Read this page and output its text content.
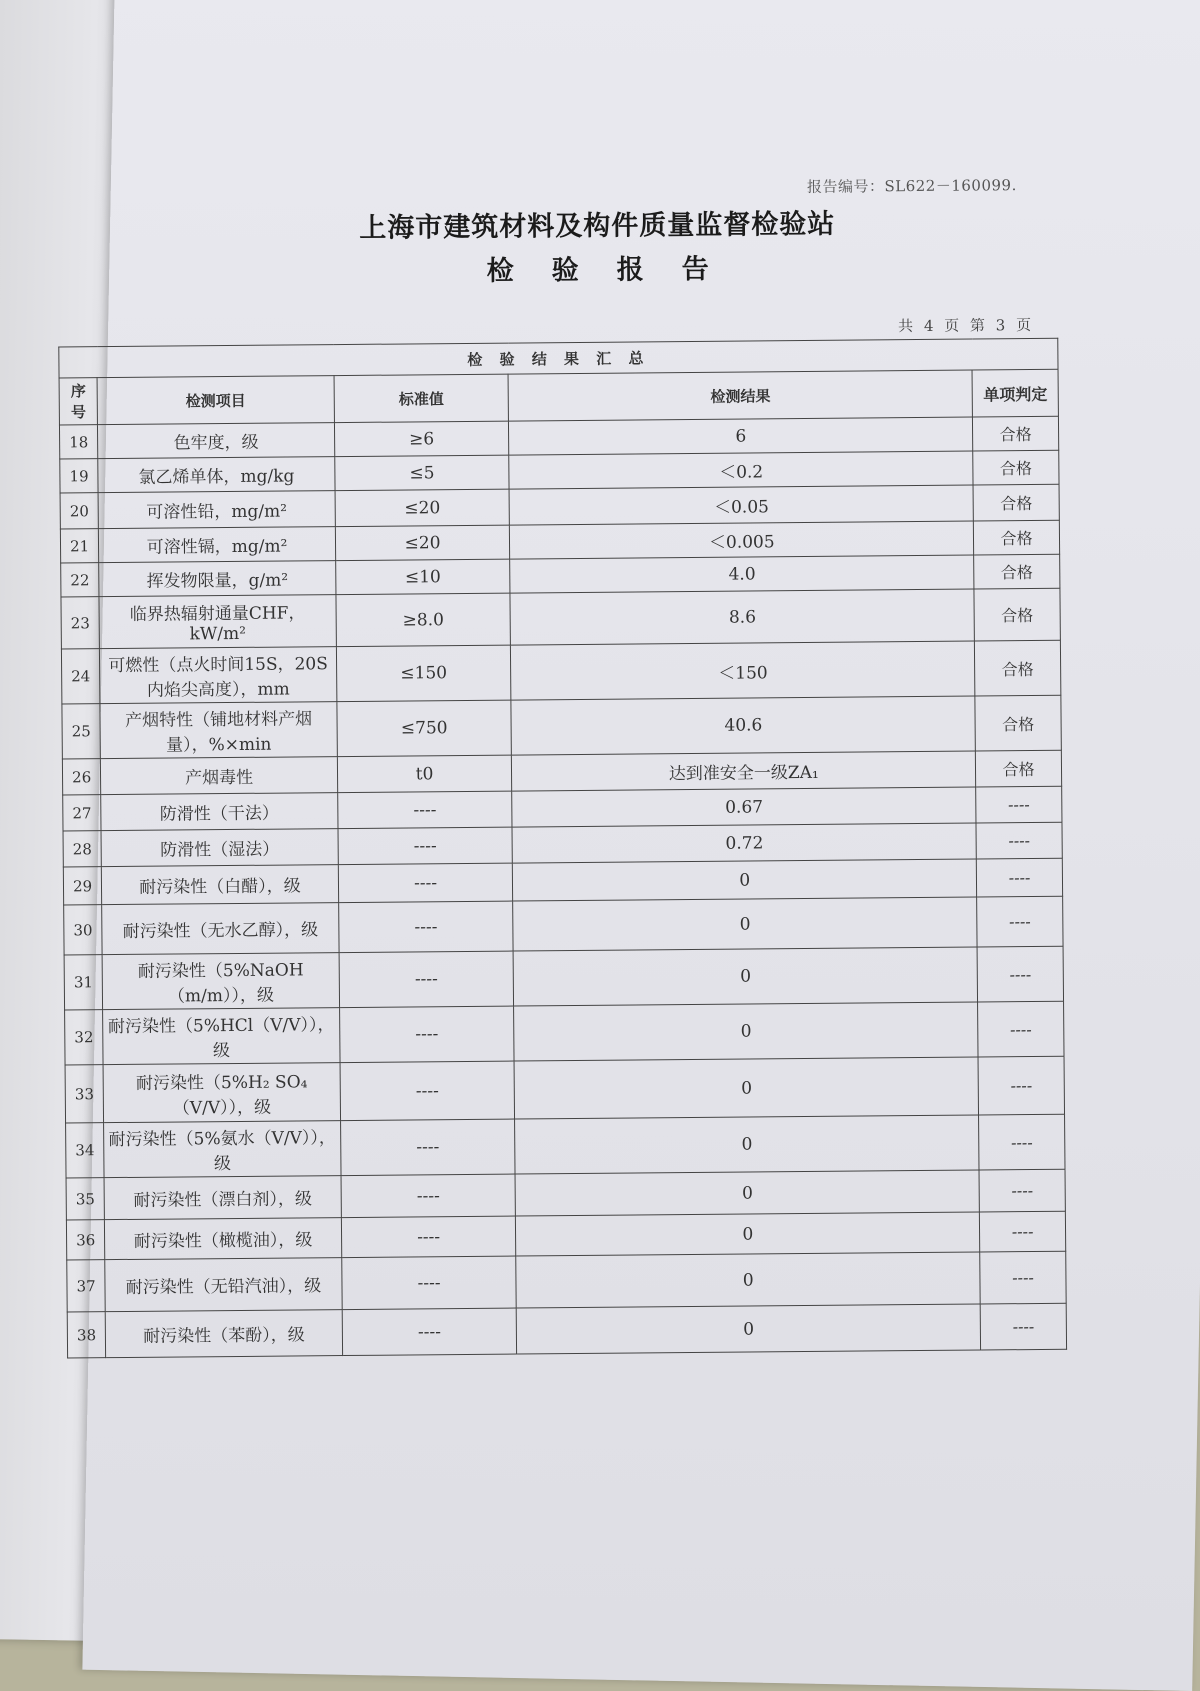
报告编号：SL622－160099.
上海市建筑材料及构件质量监督检验站
检验报告
共 4 页 第 3 页
检 验 结 果 汇 总				
序号	检测项目	标准值	检测结果	单项判定
18	色牢度，级	≥6	6	合格
19	氯乙烯单体，mg/kg	≤5	＜0.2	合格
20	可溶性铅，mg/m²	≤20	＜0.05	合格
21	可溶性镉，mg/m²	≤20	＜0.005	合格
22	挥发物限量，g/m²	≤10	4.0	合格
23	临界热辐射通量CHF，kW/m²	≥8.0	8.6	合格
24	可燃性（点火时间15S，20S内焰尖高度），mm	≤150	＜150	合格
25	产烟特性（铺地材料产烟量），%×min	≤750	40.6	合格
26	产烟毒性	t0	达到准安全一级ZA₁	合格
27	防滑性（干法）	----	0.67	----
28	防滑性（湿法）	----	0.72	----
29	耐污染性（白醋），级	----	0	----
30	耐污染性（无水乙醇），级	----	0	----
31	耐污染性（5%NaOH（m/m）），级	----	0	----
32	耐污染性（5%HCl（V/V）），级	----	0	----
33	耐污染性（5%H₂ SO₄（V/V）），级	----	0	----
34	耐污染性（5%氨水（V/V）），级	----	0	----
35	耐污染性（漂白剂），级	----	0	----
36	耐污染性（橄榄油），级	----	0	----
37	耐污染性（无铅汽油），级	----	0	----
38	耐污染性（苯酚），级	----	0	----
